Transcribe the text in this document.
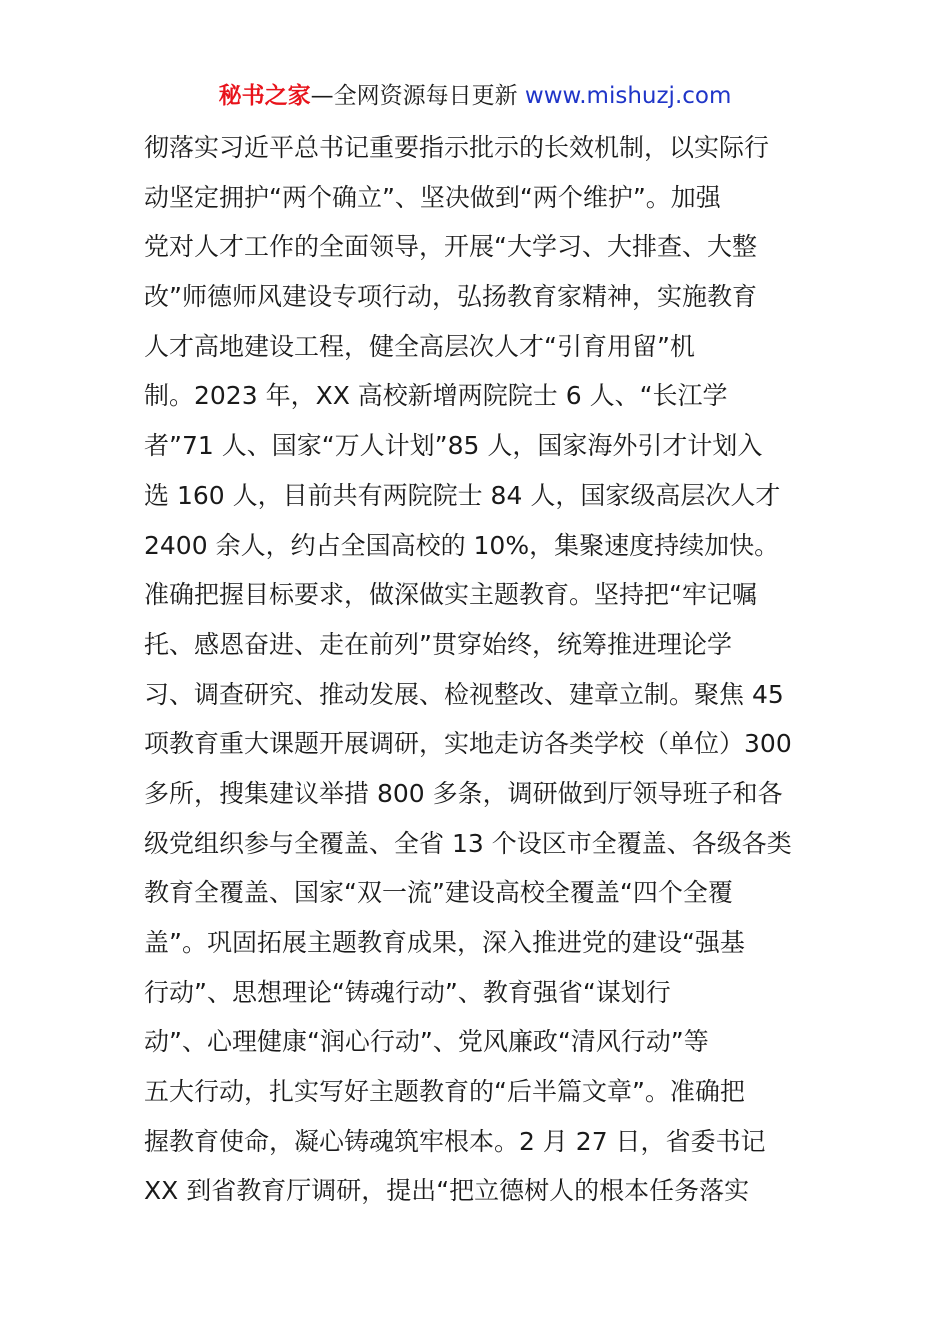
秘书之家—全网资源每日更新 www.mishuzj.com
彻落实习近平总书记重要指示批示的长效机制，以实际行
动坚定拥护“两个确立”、坚决做到“两个维护”。加强
党对人才工作的全面领导，开展“大学习、大排查、大整
改”师德师风建设专项行动，弘扬教育家精神，实施教育
人才高地建设工程，健全高层次人才“引育用留”机
制。2023 年，XX 高校新增两院院士 6 人、“长江学
者”71 人、国家“万人计划”85 人，国家海外引才计划入
选 160 人，目前共有两院院士 84 人，国家级高层次人才
2400 余人，约占全国高校的 10%，集聚速度持续加快。
准确把握目标要求，做深做实主题教育。坚持把“牢记嘱
托、感恩奋进、走在前列”贯穿始终，统筹推进理论学
习、调查研究、推动发展、检视整改、建章立制。聚焦 45
项教育重大课题开展调研，实地走访各类学校（单位）300
多所，搜集建议举措 800 多条，调研做到厅领导班子和各
级党组织参与全覆盖、全省 13 个设区市全覆盖、各级各类
教育全覆盖、国家“双一流”建设高校全覆盖“四个全覆
盖”。巩固拓展主题教育成果，深入推进党的建设“强基
行动”、思想理论“铸魂行动”、教育强省“谋划行
动”、心理健康“润心行动”、党风廉政“清风行动”等
五大行动，扎实写好主题教育的“后半篇文章”。准确把
握教育使命，凝心铸魂筑牢根本。2 月 27 日，省委书记
XX 到省教育厅调研，提出“把立德树人的根本任务落实
